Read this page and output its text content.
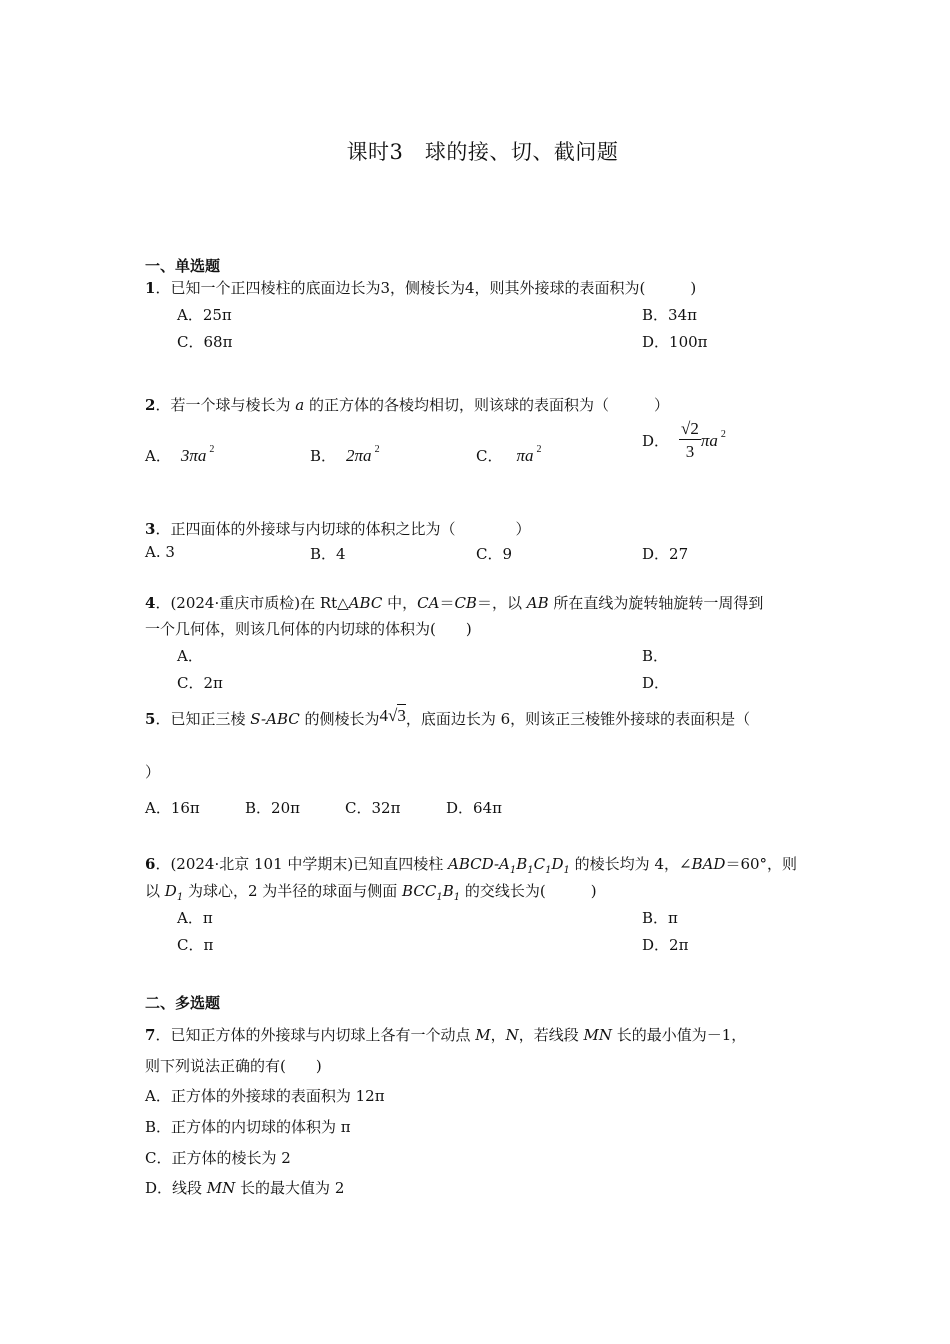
课时3　球的接、切、截问题
一、单选题
1．已知一个正四棱柱的底面边长为3，侧棱长为4，则其外接球的表面积为(　　　)
A．25π	B．34π
C．68π	D．100π
2．若一个球与棱长为 a 的正方体的各棱均相切，则该球的表面积为（　　　）
A． 3πa $^2$	B． 2πa $^2$	C． πa $^2$	D． $\frac{√2}{3}$ πa $^2$
3．正四面体的外接球与内切球的体积之比为（　　　　）
A. 3	B．4	C．9	D．27
4．(2024·重庆市质检)在 Rt△ABC 中，CA＝CB＝，以 AB 所在直线为旋转轴旋转一周得到
一个几何体，则该几何体的内切球的体积为(　　)
A．	B．
C．2π	D．
5．已知正三棱 S-ABC 的侧棱长为4√3，底面边长为 6，则该正三棱锥外接球的表面积是（
）
A．16π	B．20π	C．32π	D．64π
6．(2024·北京 101 中学期末)已知直四棱柱 ABCD-$A_1B_1C_1D_1$ 的棱长均为 4，∠BAD＝60°，则
以 $D_1$ 为球心，2 为半径的球面与侧面 $BCC_1B_1$ 的交线长为(　　　)
A．π	B．π
C．π	D．2π
二、多选题
7．已知正方体的外接球与内切球上各有一个动点 M，N，若线段 MN 长的最小值为－1，
则下列说法正确的有(　　)
A．正方体的外接球的表面积为 12π
B．正方体的内切球的体积为 π
C．正方体的棱长为 2
D．线段 MN 长的最大值为 2
